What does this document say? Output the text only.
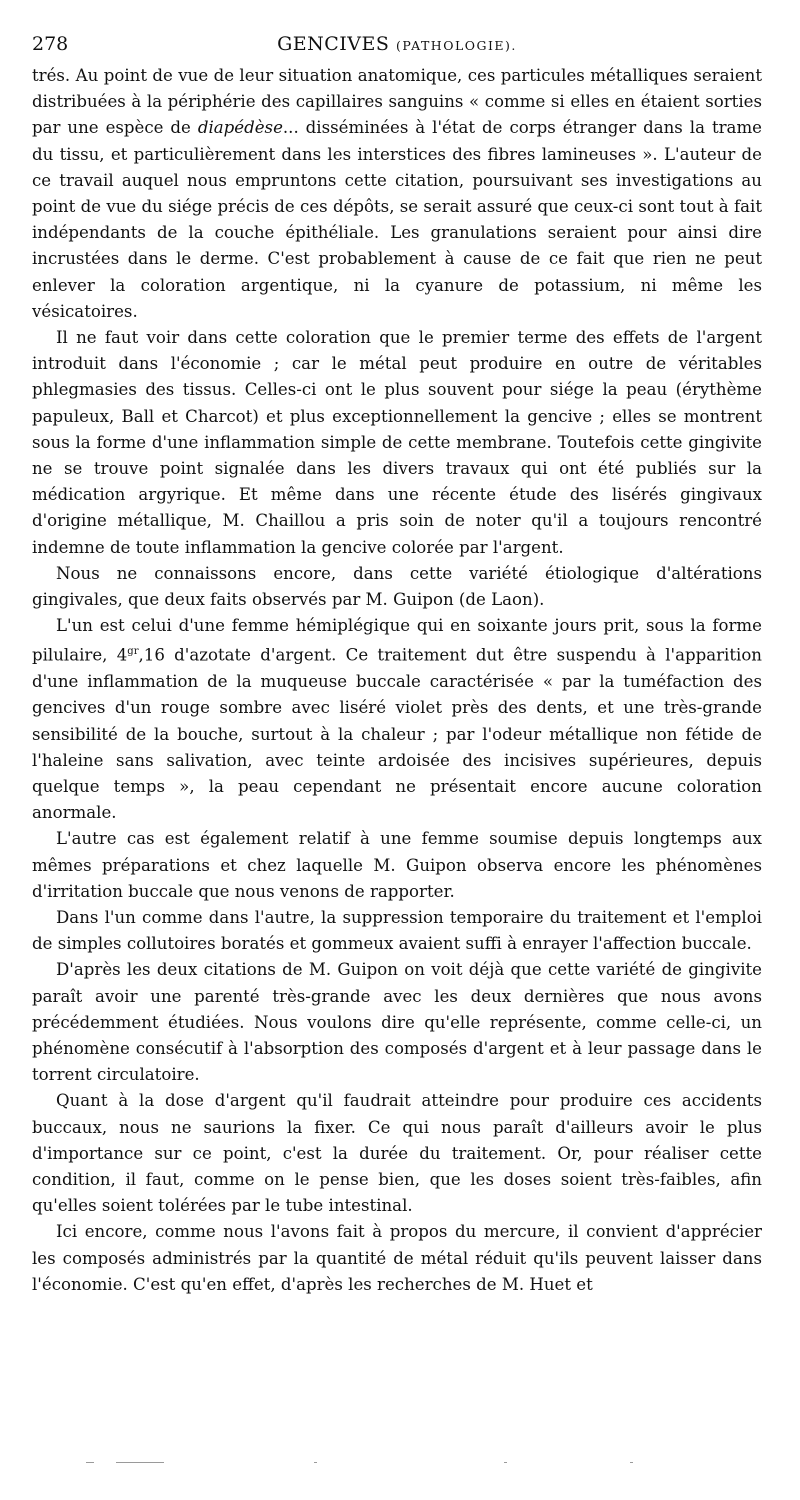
278	GENCIVES (PATHOLOGIE).

trés. Au point de vue de leur situation anatomique, ces particules métalliques seraient distribuées à la périphérie des capillaires sanguins « comme si elles en étaient sorties par une espèce de diapédèse... disséminées à l'état de corps étranger dans la trame du tissu, et particulièrement dans les interstices des fibres lamineuses ». L'auteur de ce travail auquel nous empruntons cette citation, poursuivant ses investigations au point de vue du siége précis de ces dépôts, se serait assuré que ceux-ci sont tout à fait indépendants de la couche épithéliale. Les granulations seraient pour ainsi dire incrustées dans le derme. C'est probablement à cause de ce fait que rien ne peut enlever la coloration argentique, ni la cyanure de potassium, ni même les vésicatoires.

Il ne faut voir dans cette coloration que le premier terme des effets de l'argent introduit dans l'économie ; car le métal peut produire en outre de véritables phlegmasies des tissus. Celles-ci ont le plus souvent pour siége la peau (érythème papuleux, Ball et Charcot) et plus exceptionnellement la gencive ; elles se montrent sous la forme d'une inflammation simple de cette membrane. Toutefois cette gingivite ne se trouve point signalée dans les divers travaux qui ont été publiés sur la médication argyrique. Et même dans une récente étude des lisérés gingivaux d'origine métallique, M. Chaillou a pris soin de noter qu'il a toujours rencontré indemne de toute inflammation la gencive colorée par l'argent.

Nous ne connaissons encore, dans cette variété étiologique d'altérations gingivales, que deux faits observés par M. Guipon (de Laon).

L'un est celui d'une femme hémiplégique qui en soixante jours prit, sous la forme pilulaire, $4^{gr},16$ d'azotate d'argent. Ce traitement dut être suspendu à l'apparition d'une inflammation de la muqueuse buccale caractérisée « par la tuméfaction des gencives d'un rouge sombre avec liséré violet près des dents, et une très-grande sensibilité de la bouche, surtout à la chaleur ; par l'odeur métallique non fétide de l'haleine sans salivation, avec teinte ardoisée des incisives supérieures, depuis quelque temps », la peau cependant ne présentait encore aucune coloration anormale.

L'autre cas est également relatif à une femme soumise depuis longtemps aux mêmes préparations et chez laquelle M. Guipon observa encore les phénomènes d'irritation buccale que nous venons de rapporter.

Dans l'un comme dans l'autre, la suppression temporaire du traitement et l'emploi de simples collutoires boratés et gommeux avaient suffi à enrayer l'affection buccale.

D'après les deux citations de M. Guipon on voit déjà que cette variété de gingivite paraît avoir une parenté très-grande avec les deux dernières que nous avons précédemment étudiées. Nous voulons dire qu'elle représente, comme celle-ci, un phénomène consécutif à l'absorption des composés d'argent et à leur passage dans le torrent circulatoire.

Quant à la dose d'argent qu'il faudrait atteindre pour produire ces accidents buccaux, nous ne saurions la fixer. Ce qui nous paraît d'ailleurs avoir le plus d'importance sur ce point, c'est la durée du traitement. Or, pour réaliser cette condition, il faut, comme on le pense bien, que les doses soient très-faibles, afin qu'elles soient tolérées par le tube intestinal.

Ici encore, comme nous l'avons fait à propos du mercure, il convient d'apprécier les composés administrés par la quantité de métal réduit qu'ils peuvent laisser dans l'économie. C'est qu'en effet, d'après les recherches de M. Huet et
